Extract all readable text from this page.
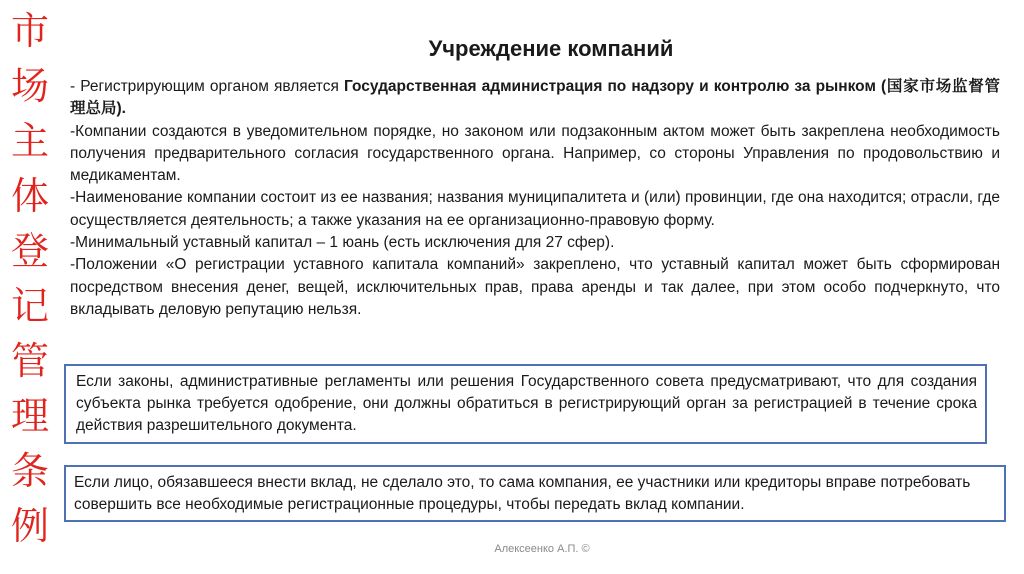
市
场
主
体
登
记
管
理
条
例
Учреждение компаний

- Регистрирующим органом является Государственная администрация по надзору и контролю за рынком (国家市场监督管理总局).

-Компании создаются в уведомительном порядке, но законом или подзаконным актом может быть закреплена необходимость получения предварительного согласия государственного органа. Например, со стороны Управления по продовольствию и медикаментам.

-Наименование компании состоит из ее названия; названия муниципалитета и (или) провинции, где она находится; отрасли, где осуществляется деятельность; а также указания на ее организационно-правовую форму.

-Минимальный уставный капитал – 1 юань (есть исключения для 27 сфер).

-Положении «О регистрации уставного капитала компаний» закреплено, что уставный капитал может быть сформирован посредством внесения денег, вещей, исключительных прав, права аренды и так далее, при этом особо подчеркнуто, что вкладывать деловую репутацию нельзя.

Если законы, административные регламенты или решения Государственного совета предусматривают, что для создания субъекта рынка требуется одобрение, они должны обратиться в регистрирующий орган за регистрацией в течение срока действия разрешительного документа.
Если лицо, обязавшееся внести вклад, не сделало это, то сама компания, ее участники или кредиторы вправе потребовать совершить все необходимые регистрационные процедуры, чтобы передать вклад компании.
Алексеенко А.П. ©
